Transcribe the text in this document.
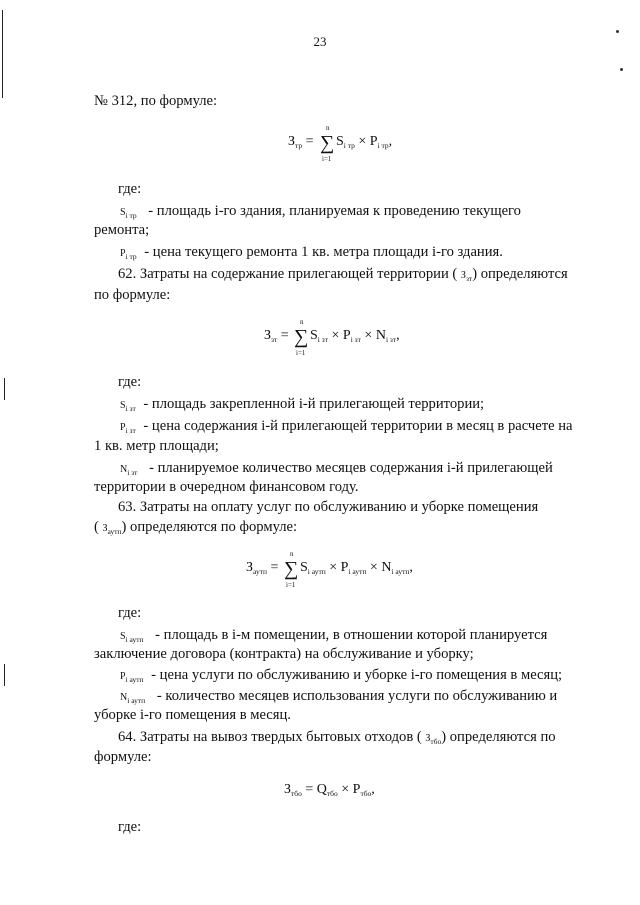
23
№ 312, по формуле:
$З_{тр}$ = ∑
n
i=1
$S_{i тр} \times P_{i тр}$,
где:
$S_{i тр}$ - площадь i-го здания, планируемая к проведению текущего
ремонта;
$P_{i тр}$ - цена текущего ремонта 1 кв. метра площади i-го здания.
62. Затраты на содержание прилегающей территории ( $З_{зт}$) определяются
по формуле:
$З_{зт}$ = ∑
n
i=1
$S_{i зт} \times P_{i зт} \times N_{i зт}$,
где:
$S_{i зт}$ - площадь закрепленной i-й прилегающей территории;
$P_{i зт}$ - цена содержания i-й прилегающей территории в месяц в расчете на
1 кв. метр площади;
$N_{i зт}$ - планируемое количество месяцев содержания i-й прилегающей
территории в очередном финансовом году.
63. Затраты на оплату услуг по обслуживанию и уборке помещения
( $З_{аутп}$) определяются по формуле:
$З_{аутп}$ = ∑
n
i=1
$S_{i аутп} \times P_{i аутп} \times N_{i аутп}$,
где:
$S_{i аутп}$ - площадь в i-м помещении, в отношении которой планируется
заключение договора (контракта) на обслуживание и уборку;
$P_{i аутп}$ - цена услуги по обслуживанию и уборке i-го помещения в месяц;
$N_{i аутп}$ - количество месяцев использования услуги по обслуживанию и
уборке i-го помещения в месяц.
64. Затраты на вывоз твердых бытовых отходов ( $З_{тбо}$) определяются по
формуле:
$З_{тбо} = Q_{тбо} \times P_{тбо}$,
где:
